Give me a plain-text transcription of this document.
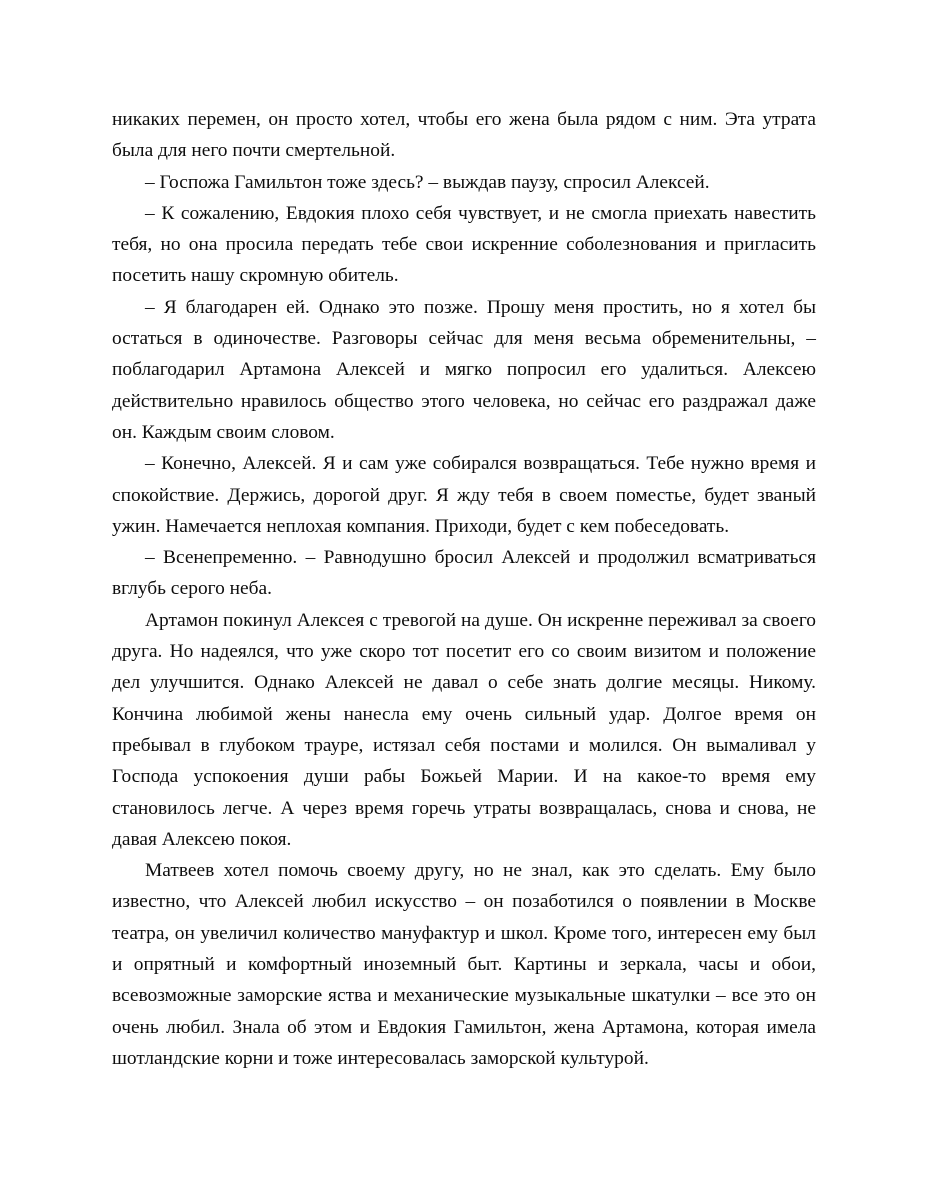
никаких перемен, он просто хотел, чтобы его жена была рядом с ним. Эта утрата была для него почти смертельной.

– Госпожа Гамильтон тоже здесь? – выждав паузу, спросил Алексей.

– К сожалению, Евдокия плохо себя чувствует, и не смогла приехать навестить тебя, но она просила передать тебе свои искренние соболезнования и пригласить посетить нашу скромную обитель.

– Я благодарен ей. Однако это позже. Прошу меня простить, но я хотел бы остаться в одиночестве. Разговоры сейчас для меня весьма обременительны, – поблагодарил Артамона Алексей и мягко попросил его удалиться. Алексею действительно нравилось общество этого человека, но сейчас его раздражал даже он. Каждым своим словом.

– Конечно, Алексей. Я и сам уже собирался возвращаться. Тебе нужно время и спокойствие. Держись, дорогой друг. Я жду тебя в своем поместье, будет званый ужин. Намечается неплохая компания. Приходи, будет с кем побеседовать.

– Всенепременно. – Равнодушно бросил Алексей и продолжил всматриваться вглубь серого неба.

Артамон покинул Алексея с тревогой на душе. Он искренне переживал за своего друга. Но надеялся, что уже скоро тот посетит его со своим визитом и положение дел улучшится. Однако Алексей не давал о себе знать долгие месяцы. Никому. Кончина любимой жены нанесла ему очень сильный удар. Долгое время он пребывал в глубоком трауре, истязал себя постами и молился. Он вымаливал у Господа успокоения души рабы Божьей Марии. И на какое-то время ему становилось легче. А через время горечь утраты возвращалась, снова и снова, не давая Алексею покоя.

Матвеев хотел помочь своему другу, но не знал, как это сделать. Ему было известно, что Алексей любил искусство – он позаботился о появлении в Москве театра, он увеличил количество мануфактур и школ. Кроме того, интересен ему был и опрятный и комфортный иноземный быт. Картины и зеркала, часы и обои, всевозможные заморские яства и механические музыкальные шкатулки – все это он очень любил. Знала об этом и Евдокия Гамильтон, жена Артамона, которая имела шотландские корни и тоже интересовалась заморской культурой.
